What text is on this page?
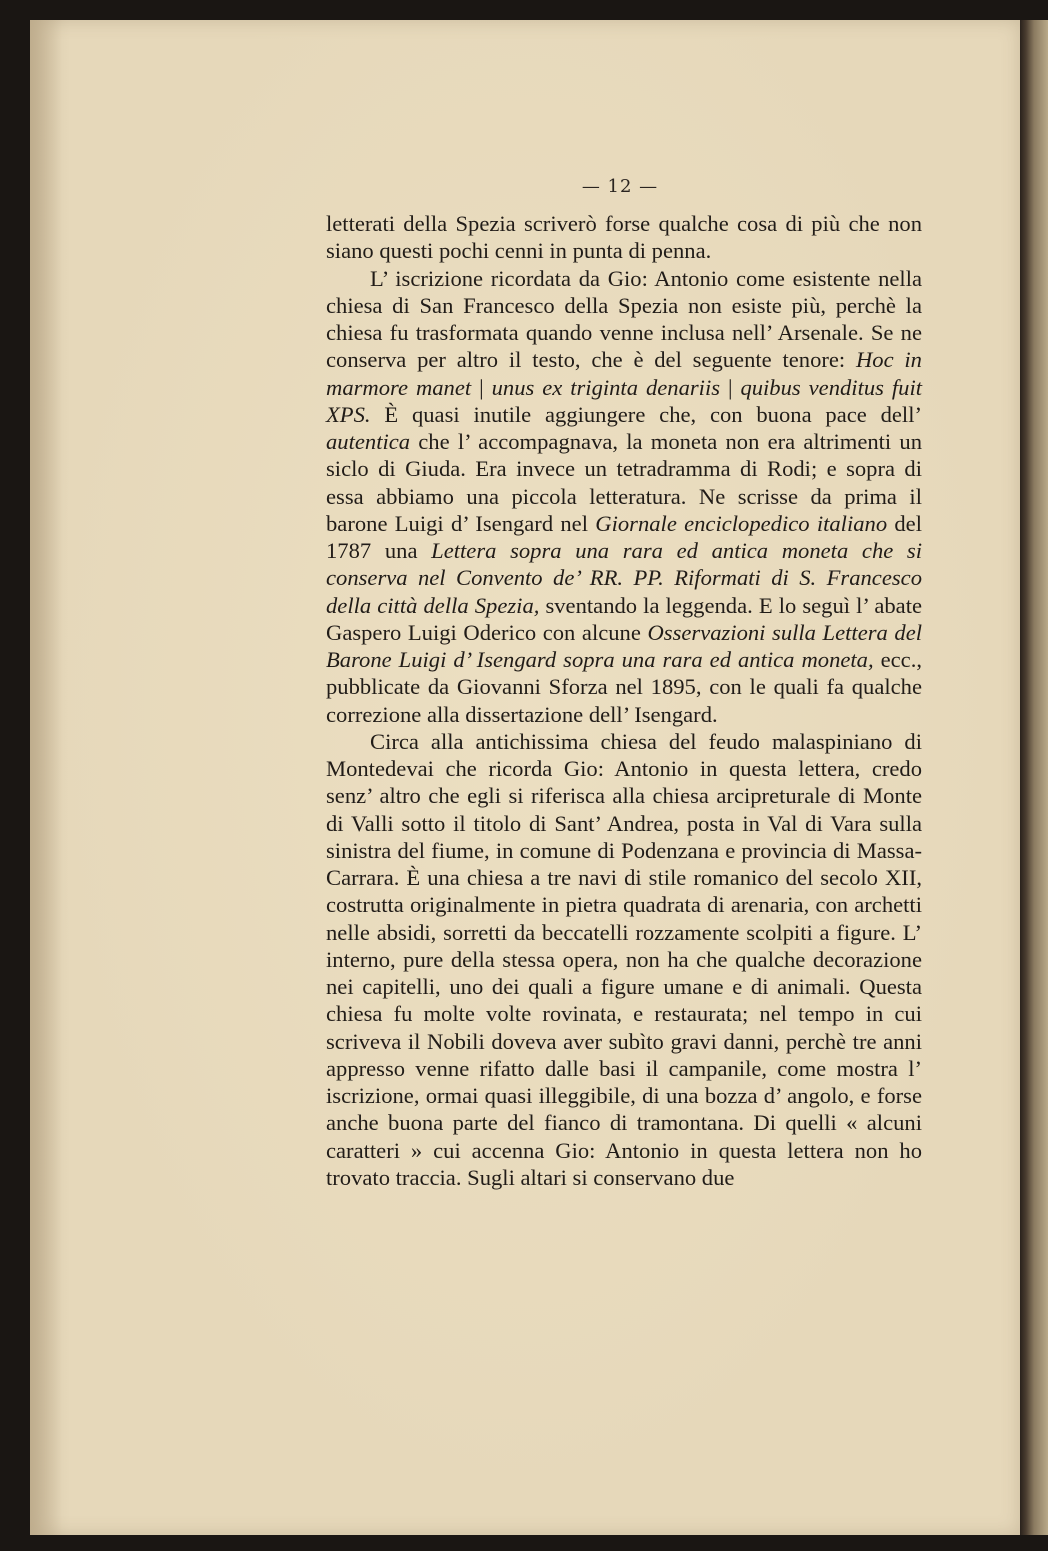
— 12 —

letterati della Spezia scriverò forse qualche cosa di più che non siano questi pochi cenni in punta di penna.

L’ iscrizione ricordata da Gio: Antonio come esistente nella chiesa di San Francesco della Spezia non esiste più, perchè la chiesa fu trasformata quando venne inclusa nell’ Arsenale. Se ne conserva per altro il testo, che è del seguente tenore: Hoc in marmore manet | unus ex triginta denariis | quibus venditus fuit XPS. È quasi inutile aggiungere che, con buona pace dell’ autentica che l’ accompagnava, la moneta non era altrimenti un siclo di Giuda. Era invece un tetradramma di Rodi; e sopra di essa abbiamo una piccola letteratura. Ne scrisse da prima il barone Luigi d’ Isengard nel Giornale enciclopedico italiano del 1787 una Lettera sopra una rara ed antica moneta che si conserva nel Convento de’ RR. PP. Riformati di S. Francesco della città della Spezia, sventando la leggenda. E lo seguì l’ abate Gaspero Luigi Oderico con alcune Osservazioni sulla Lettera del Barone Luigi d’ Isengard sopra una rara ed antica moneta, ecc., pubblicate da Giovanni Sforza nel 1895, con le quali fa qualche correzione alla dissertazione dell’ Isengard.

Circa alla antichissima chiesa del feudo malaspiniano di Montedevai che ricorda Gio: Antonio in questa lettera, credo senz’ altro che egli si riferisca alla chiesa arcipreturale di Monte di Valli sotto il titolo di Sant’ Andrea, posta in Val di Vara sulla sinistra del fiume, in comune di Podenzana e provincia di Massa-Carrara. È una chiesa a tre navi di stile romanico del secolo XII, costrutta originalmente in pietra quadrata di arenaria, con archetti nelle absidi, sorretti da beccatelli rozzamente scolpiti a figure. L’ interno, pure della stessa opera, non ha che qualche decorazione nei capitelli, uno dei quali a figure umane e di animali. Questa chiesa fu molte volte rovinata, e restaurata; nel tempo in cui scriveva il Nobili doveva aver subìto gravi danni, perchè tre anni appresso venne rifatto dalle basi il campanile, come mostra l’ iscrizione, ormai quasi illeggibile, di una bozza d’ angolo, e forse anche buona parte del fianco di tramontana. Di quelli « alcuni caratteri » cui accenna Gio: Antonio in questa lettera non ho trovato traccia. Sugli altari si conservano due
